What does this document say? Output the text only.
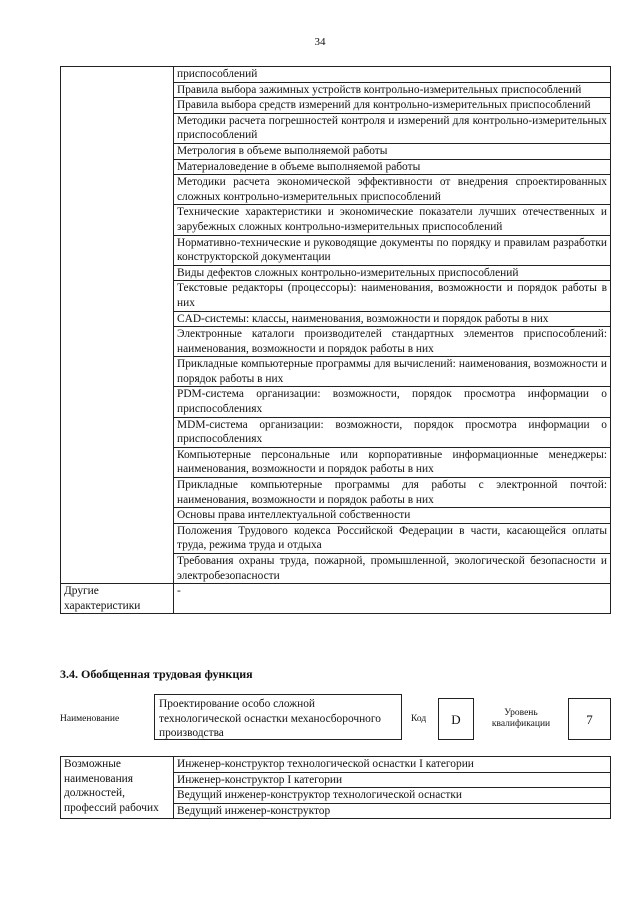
34
	приспособлений
	Правила выбора зажимных устройств контрольно-измерительных приспособлений
	Правила выбора средств измерений для контрольно-измерительных приспособлений
	Методики расчета погрешностей контроля и измерений для контрольно-измерительных приспособлений
	Метрология в объеме выполняемой работы
	Материаловедение в объеме выполняемой работы
	Методики расчета экономической эффективности от внедрения спроектированных сложных контрольно-измерительных приспособлений
	Технические характеристики и экономические показатели лучших отечественных и зарубежных сложных контрольно-измерительных приспособлений
	Нормативно-технические и руководящие документы по порядку и правилам разработки конструкторской документации
	Виды дефектов сложных контрольно-измерительных приспособлений
	Текстовые редакторы (процессоры): наименования, возможности и порядок работы в них
	CAD-системы: классы, наименования, возможности и порядок работы в них
	Электронные каталоги производителей стандартных элементов приспособлений: наименования, возможности и порядок работы в них
	Прикладные компьютерные программы для вычислений: наименования, возможности и порядок работы в них
	PDM-система организации: возможности, порядок просмотра информации о приспособлениях
	MDM-система организации: возможности, порядок просмотра информации о приспособлениях
	Компьютерные персональные или корпоративные информационные менеджеры: наименования, возможности и порядок работы в них
	Прикладные компьютерные программы для работы с электронной почтой: наименования, возможности и порядок работы в них
	Основы права интеллектуальной собственности
	Положения Трудового кодекса Российской Федерации в части, касающейся оплаты труда, режима труда и отдыха
	Требования охраны труда, пожарной, промышленной, экологической безопасности и электробезопасности
Другие характеристики	-
3.4. Обобщенная трудовая функция
Наименование
Проектирование особо сложной технологической оснастки механосборочного производства
Код	D	Уровень квалификации	7
Возможные наименования должностей, профессий рабочих	Инженер-конструктор технологической оснастки I категории
Инженер-конструктор I категории
Ведущий инженер-конструктор технологической оснастки
Ведущий инженер-конструктор
